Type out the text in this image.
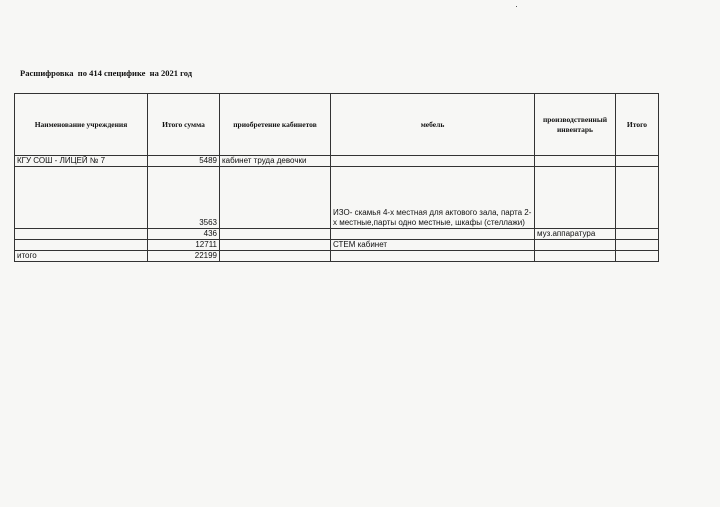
Расшифровка  по 414 специфике  на 2021 год
Наименование учреждения	Итого сумма	приобретение кабинетов	мебель	производственный инвентарь	Итого
КГУ СОШ - ЛИЦЕЙ № 7	5489	кабинет труда девочки			
	3563		ИЗО- скамья 4-х местная для актового зала, парта 2-х местные,парты одно местные, шкафы (стеллажи)		
	436			муз.аппаратура	
	12711		СТЕМ кабинет		
итого	22199				
